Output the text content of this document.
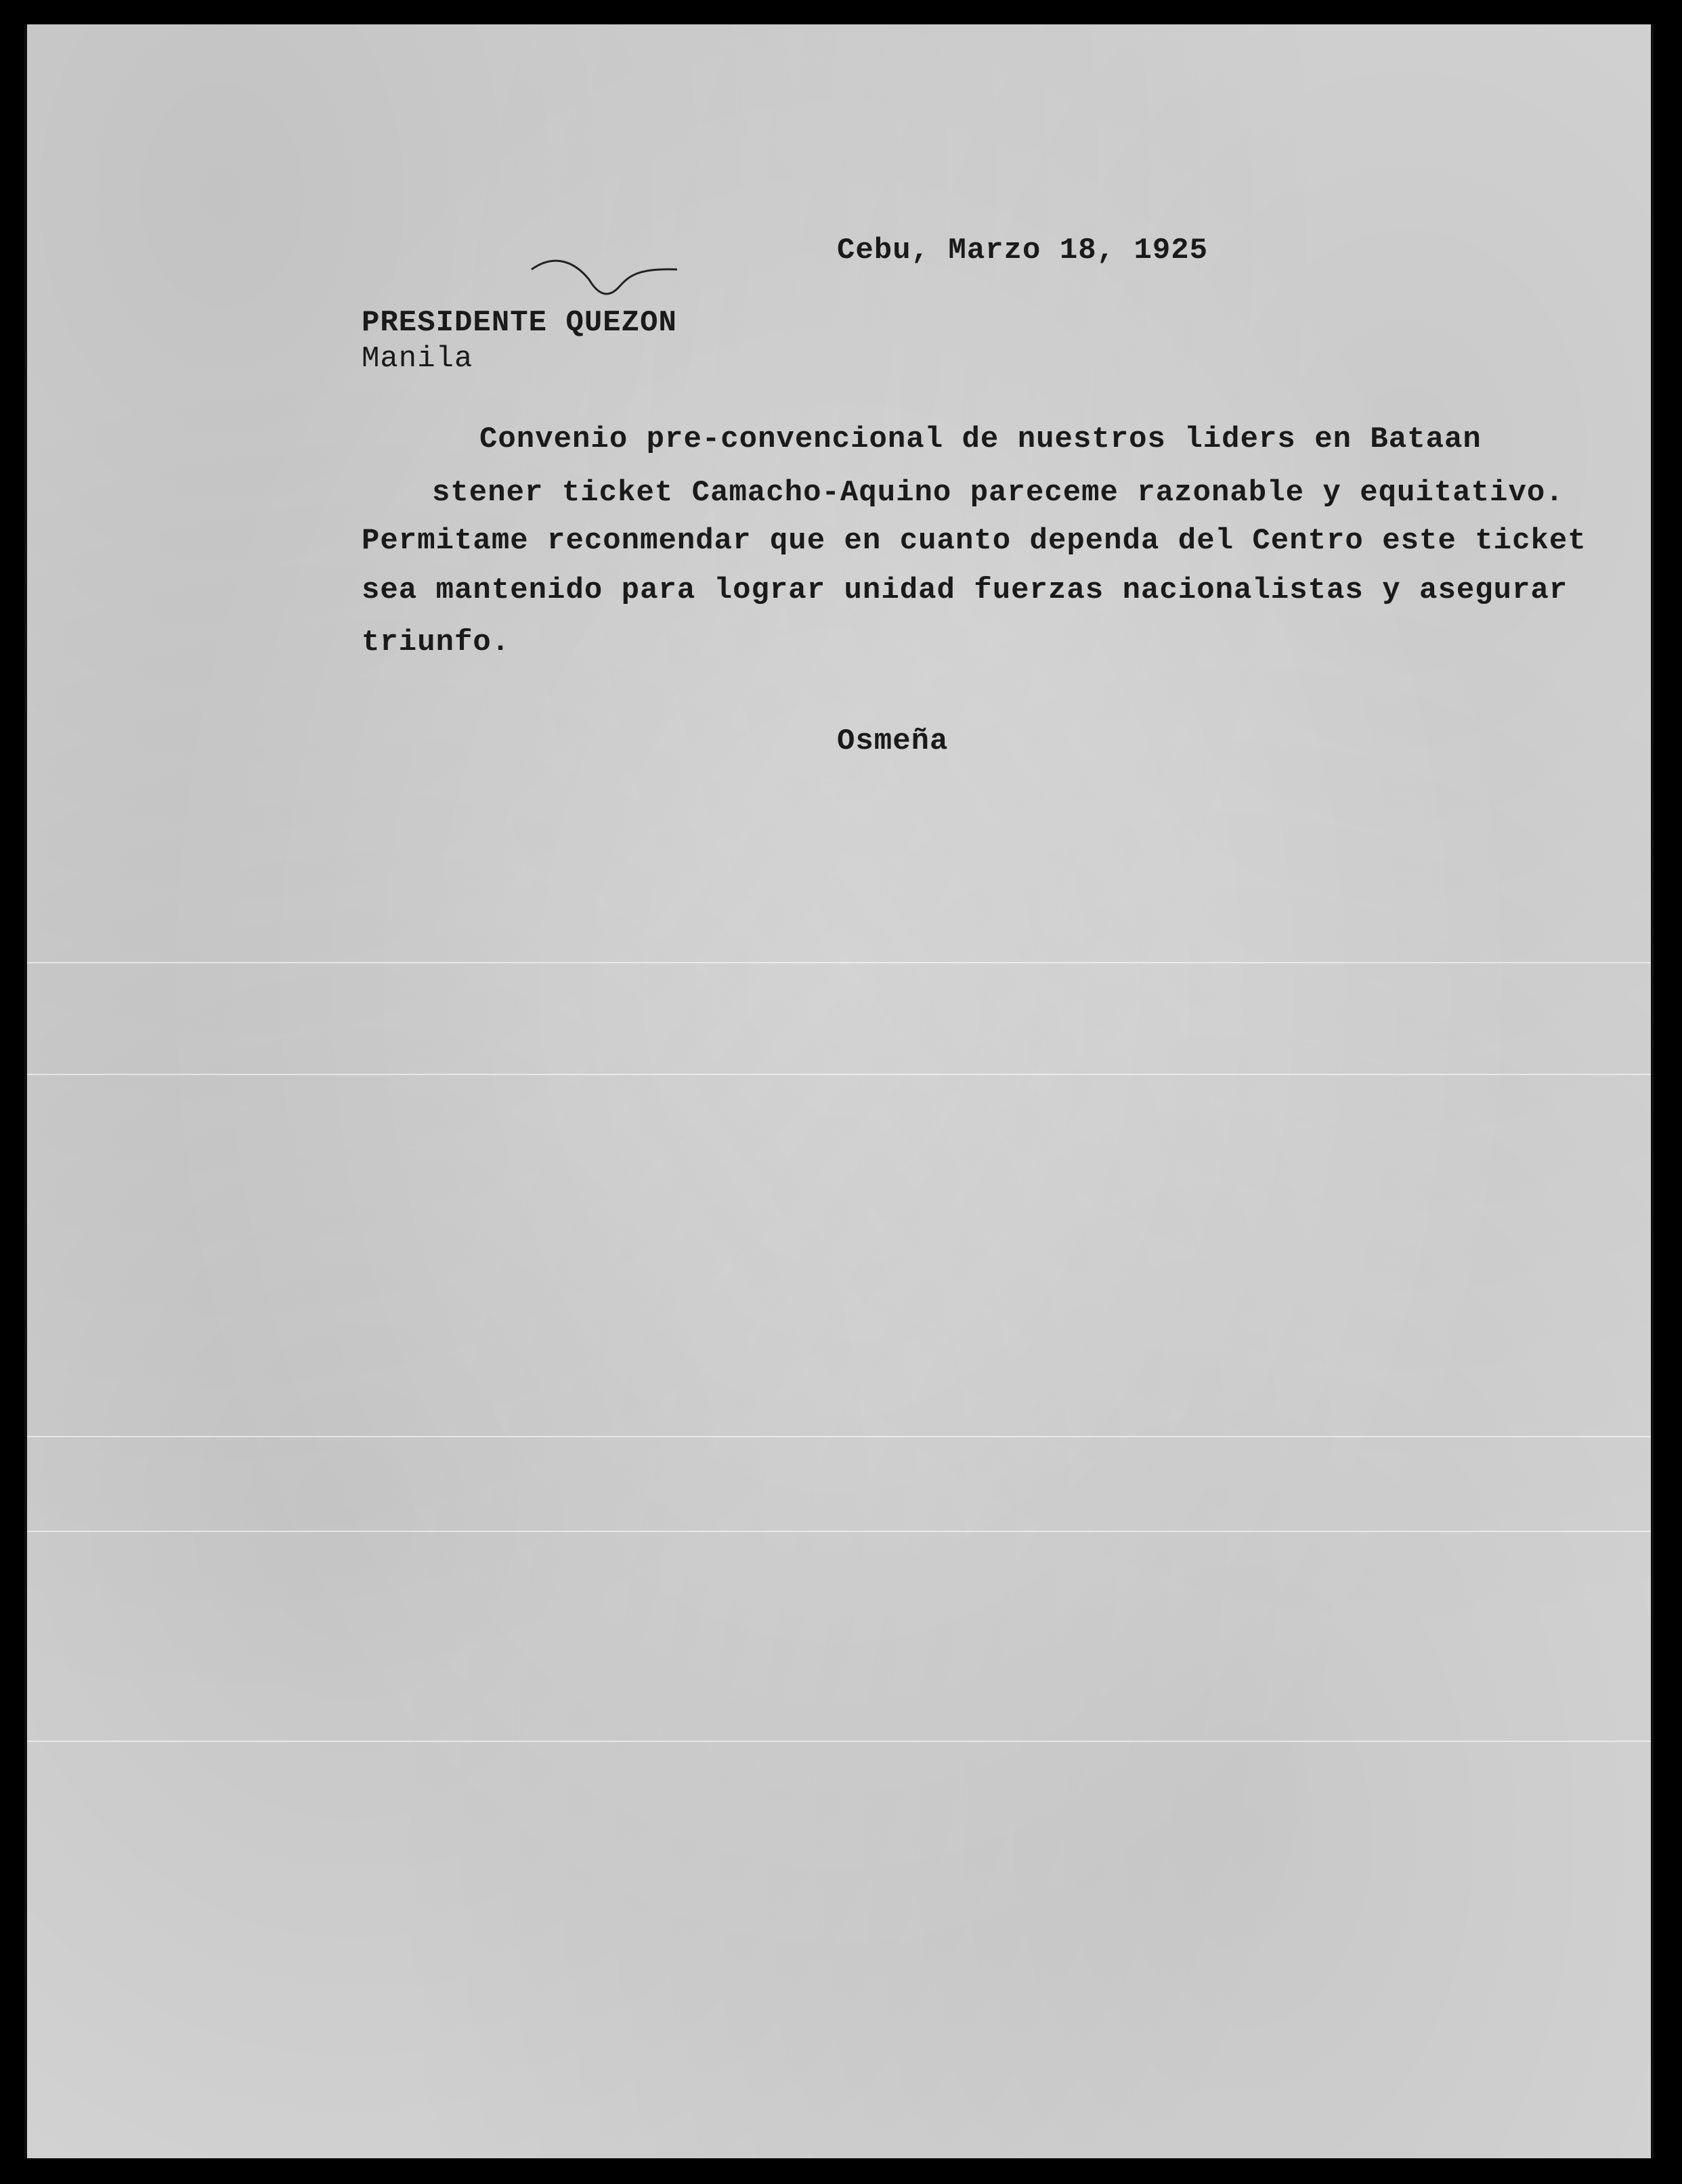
Cebu, Marzo 18, 1925
PRESIDENTE QUEZON
Manila
Convenio pre-convencional de nuestros liders en Bataan
stener ticket Camacho-Aquino pareceme razonable y equitativo.
Permitame reconmendar que en cuanto dependa del Centro este ticket
sea mantenido para lograr unidad fuerzas nacionalistas y asegurar
triunfo.
Osmeña
